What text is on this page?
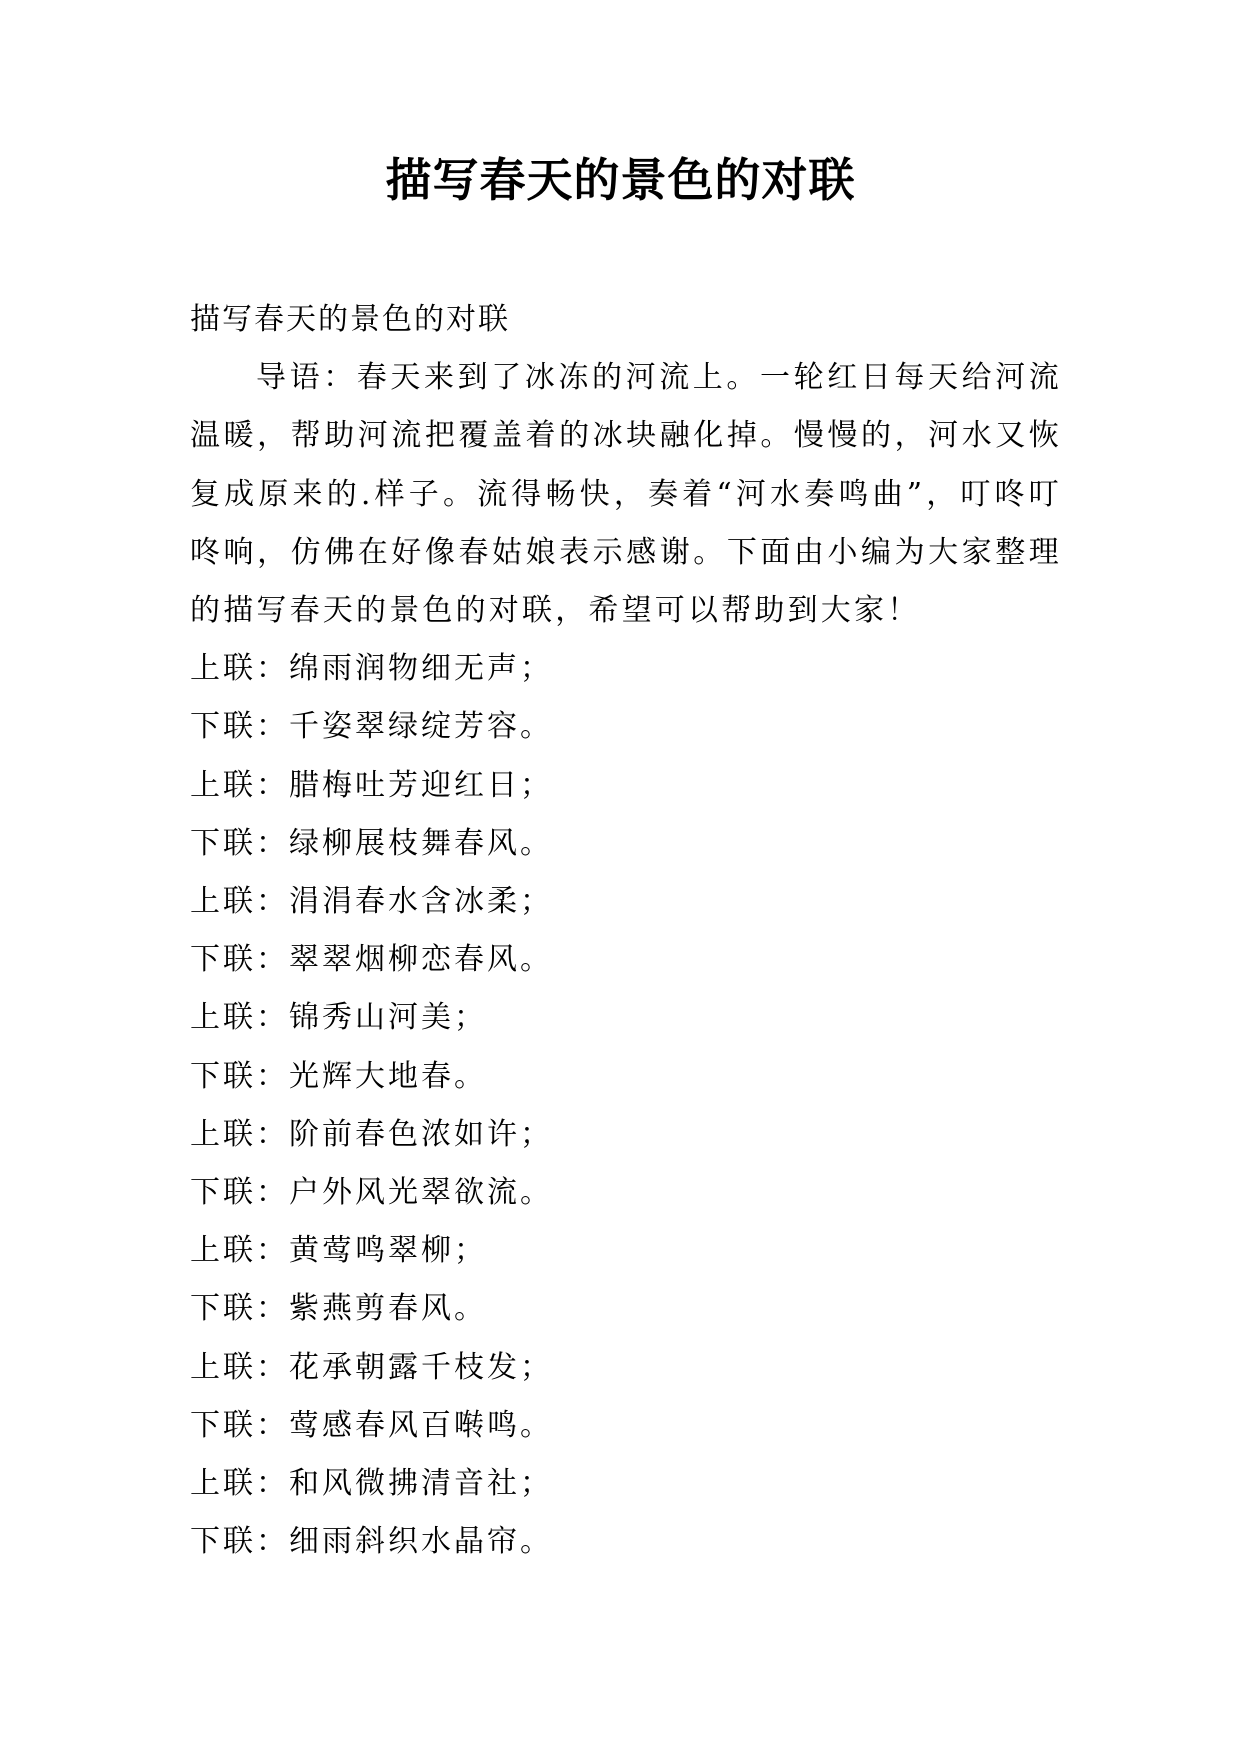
描写春天的景色的对联

描写春天的景色的对联

导语：春天来到了冰冻的河流上。一轮红日每天给河流温暖，帮助河流把覆盖着的冰块融化掉。慢慢的，河水又恢复成原来的.样子。流得畅快，奏着“河水奏鸣曲”，叮咚叮咚响，仿佛在好像春姑娘表示感谢。下面由小编为大家整理的描写春天的景色的对联，希望可以帮助到大家！

上联：绵雨润物细无声；

下联：千姿翠绿绽芳容。

上联：腊梅吐芳迎红日；

下联：绿柳展枝舞春风。

上联：涓涓春水含冰柔；

下联：翠翠烟柳恋春风。

上联：锦秀山河美；

下联：光辉大地春。

上联：阶前春色浓如许；

下联：户外风光翠欲流。

上联：黄莺鸣翠柳；

下联：紫燕剪春风。

上联：花承朝露千枝发；

下联：莺感春风百啭鸣。

上联：和风微拂清音社；

下联：细雨斜织水晶帘。
